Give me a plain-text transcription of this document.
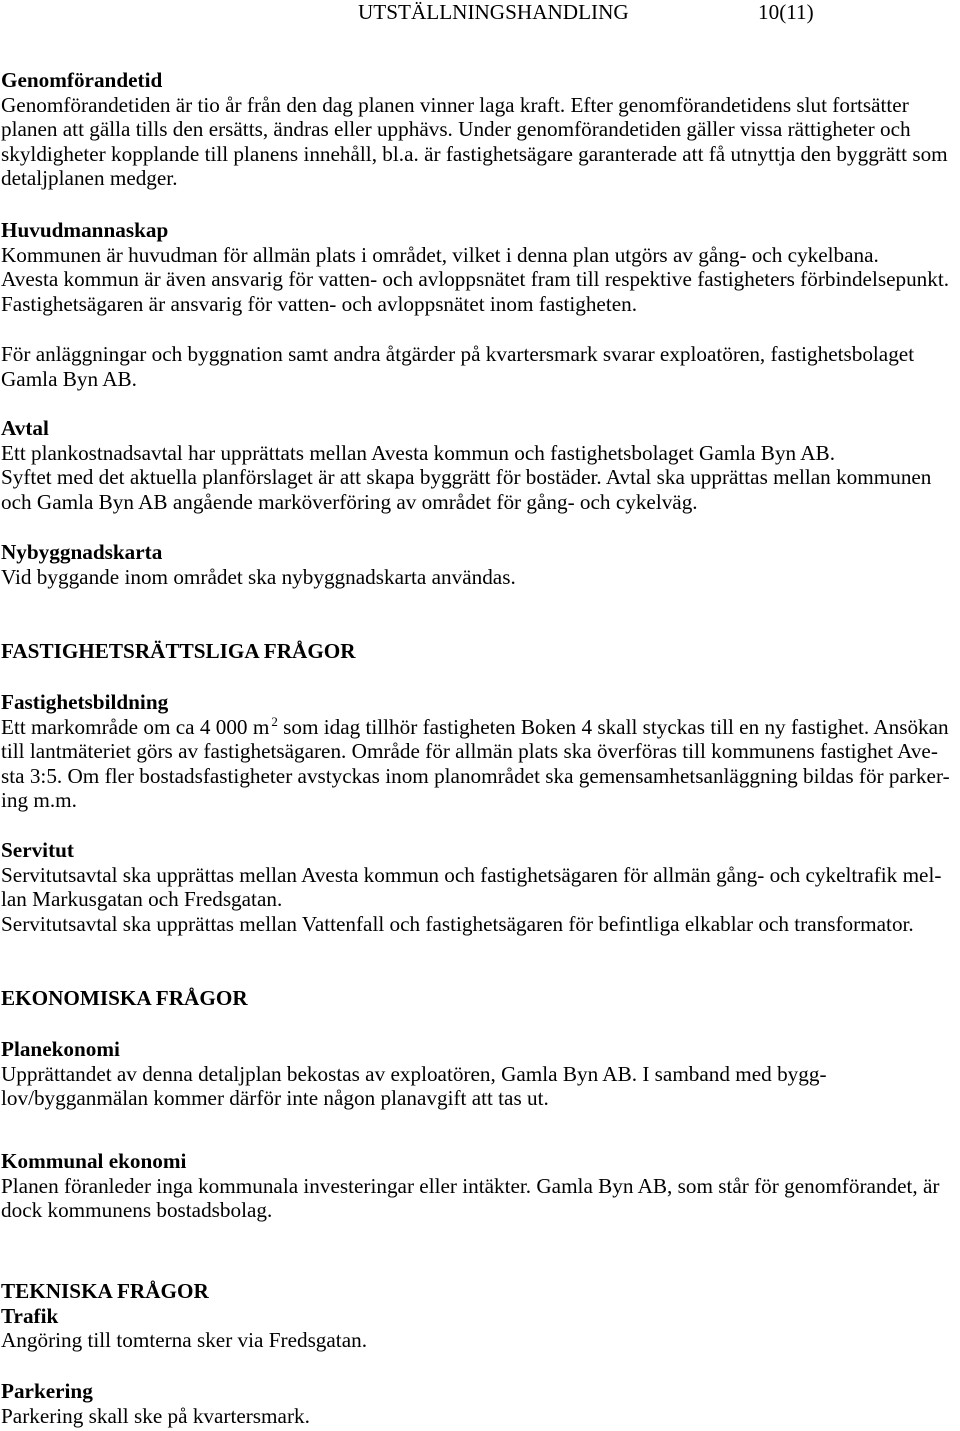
UTSTÄLLNINGSHANDLING	10(11)
Genomförandetid
Genomförandetiden är tio år från den dag planen vinner laga kraft. Efter genomförandetidens slut fortsätter
planen att gälla tills den ersätts, ändras eller upphävs. Under genomförandetiden gäller vissa rättigheter och
skyldigheter kopplande till planens innehåll, bl.a. är fastighetsägare garanterade att få utnyttja den byggrätt som
detaljplanen medger.
Huvudmannaskap
Kommunen är huvudman för allmän plats i området, vilket i denna plan utgörs av gång- och cykelbana.
Avesta kommun är även ansvarig för vatten- och avloppsnätet fram till respektive fastigheters förbindelsepunkt.
Fastighetsägaren är ansvarig för vatten- och avloppsnätet inom fastigheten.
För anläggningar och byggnation samt andra åtgärder på kvartersmark svarar exploatören, fastighetsbolaget
Gamla Byn AB.
Avtal
Ett plankostnadsavtal har upprättats mellan Avesta kommun och fastighetsbolaget Gamla Byn AB.
Syftet med det aktuella planförslaget är att skapa byggrätt för bostäder. Avtal ska upprättas mellan kommunen
och Gamla Byn AB angående marköverföring av området för gång- och cykelväg.
Nybyggnadskarta
Vid byggande inom området ska nybyggnadskarta användas.
FASTIGHETSRÄTTSLIGA FRÅGOR
Fastighetsbildning
Ett markområde om ca 4 000 m $^2$ som idag tillhör fastigheten Boken 4 skall styckas till en ny fastighet. Ansökan
till lantmäteriet görs av fastighetsägaren. Område för allmän plats ska överföras till kommunens fastighet Ave-
sta 3:5. Om fler bostadsfastigheter avstyckas inom planområdet ska gemensamhetsanläggning bildas för parker-
ing m.m.
Servitut
Servitutsavtal ska upprättas mellan Avesta kommun och fastighetsägaren för allmän gång- och cykeltrafik mel-
lan Markusgatan och Fredsgatan.
Servitutsavtal ska upprättas mellan Vattenfall och fastighetsägaren för befintliga elkablar och transformator.
EKONOMISKA FRÅGOR
Planekonomi
Upprättandet av denna detaljplan bekostas av exploatören, Gamla Byn AB. I samband med bygg-
lov/bygganmälan kommer därför inte någon planavgift att tas ut.
Kommunal ekonomi
Planen föranleder inga kommunala investeringar eller intäkter. Gamla Byn AB, som står för genomförandet, är
dock kommunens bostadsbolag.
TEKNISKA FRÅGOR
Trafik
Angöring till tomterna sker via Fredsgatan.
Parkering
Parkering skall ske på kvartersmark.
